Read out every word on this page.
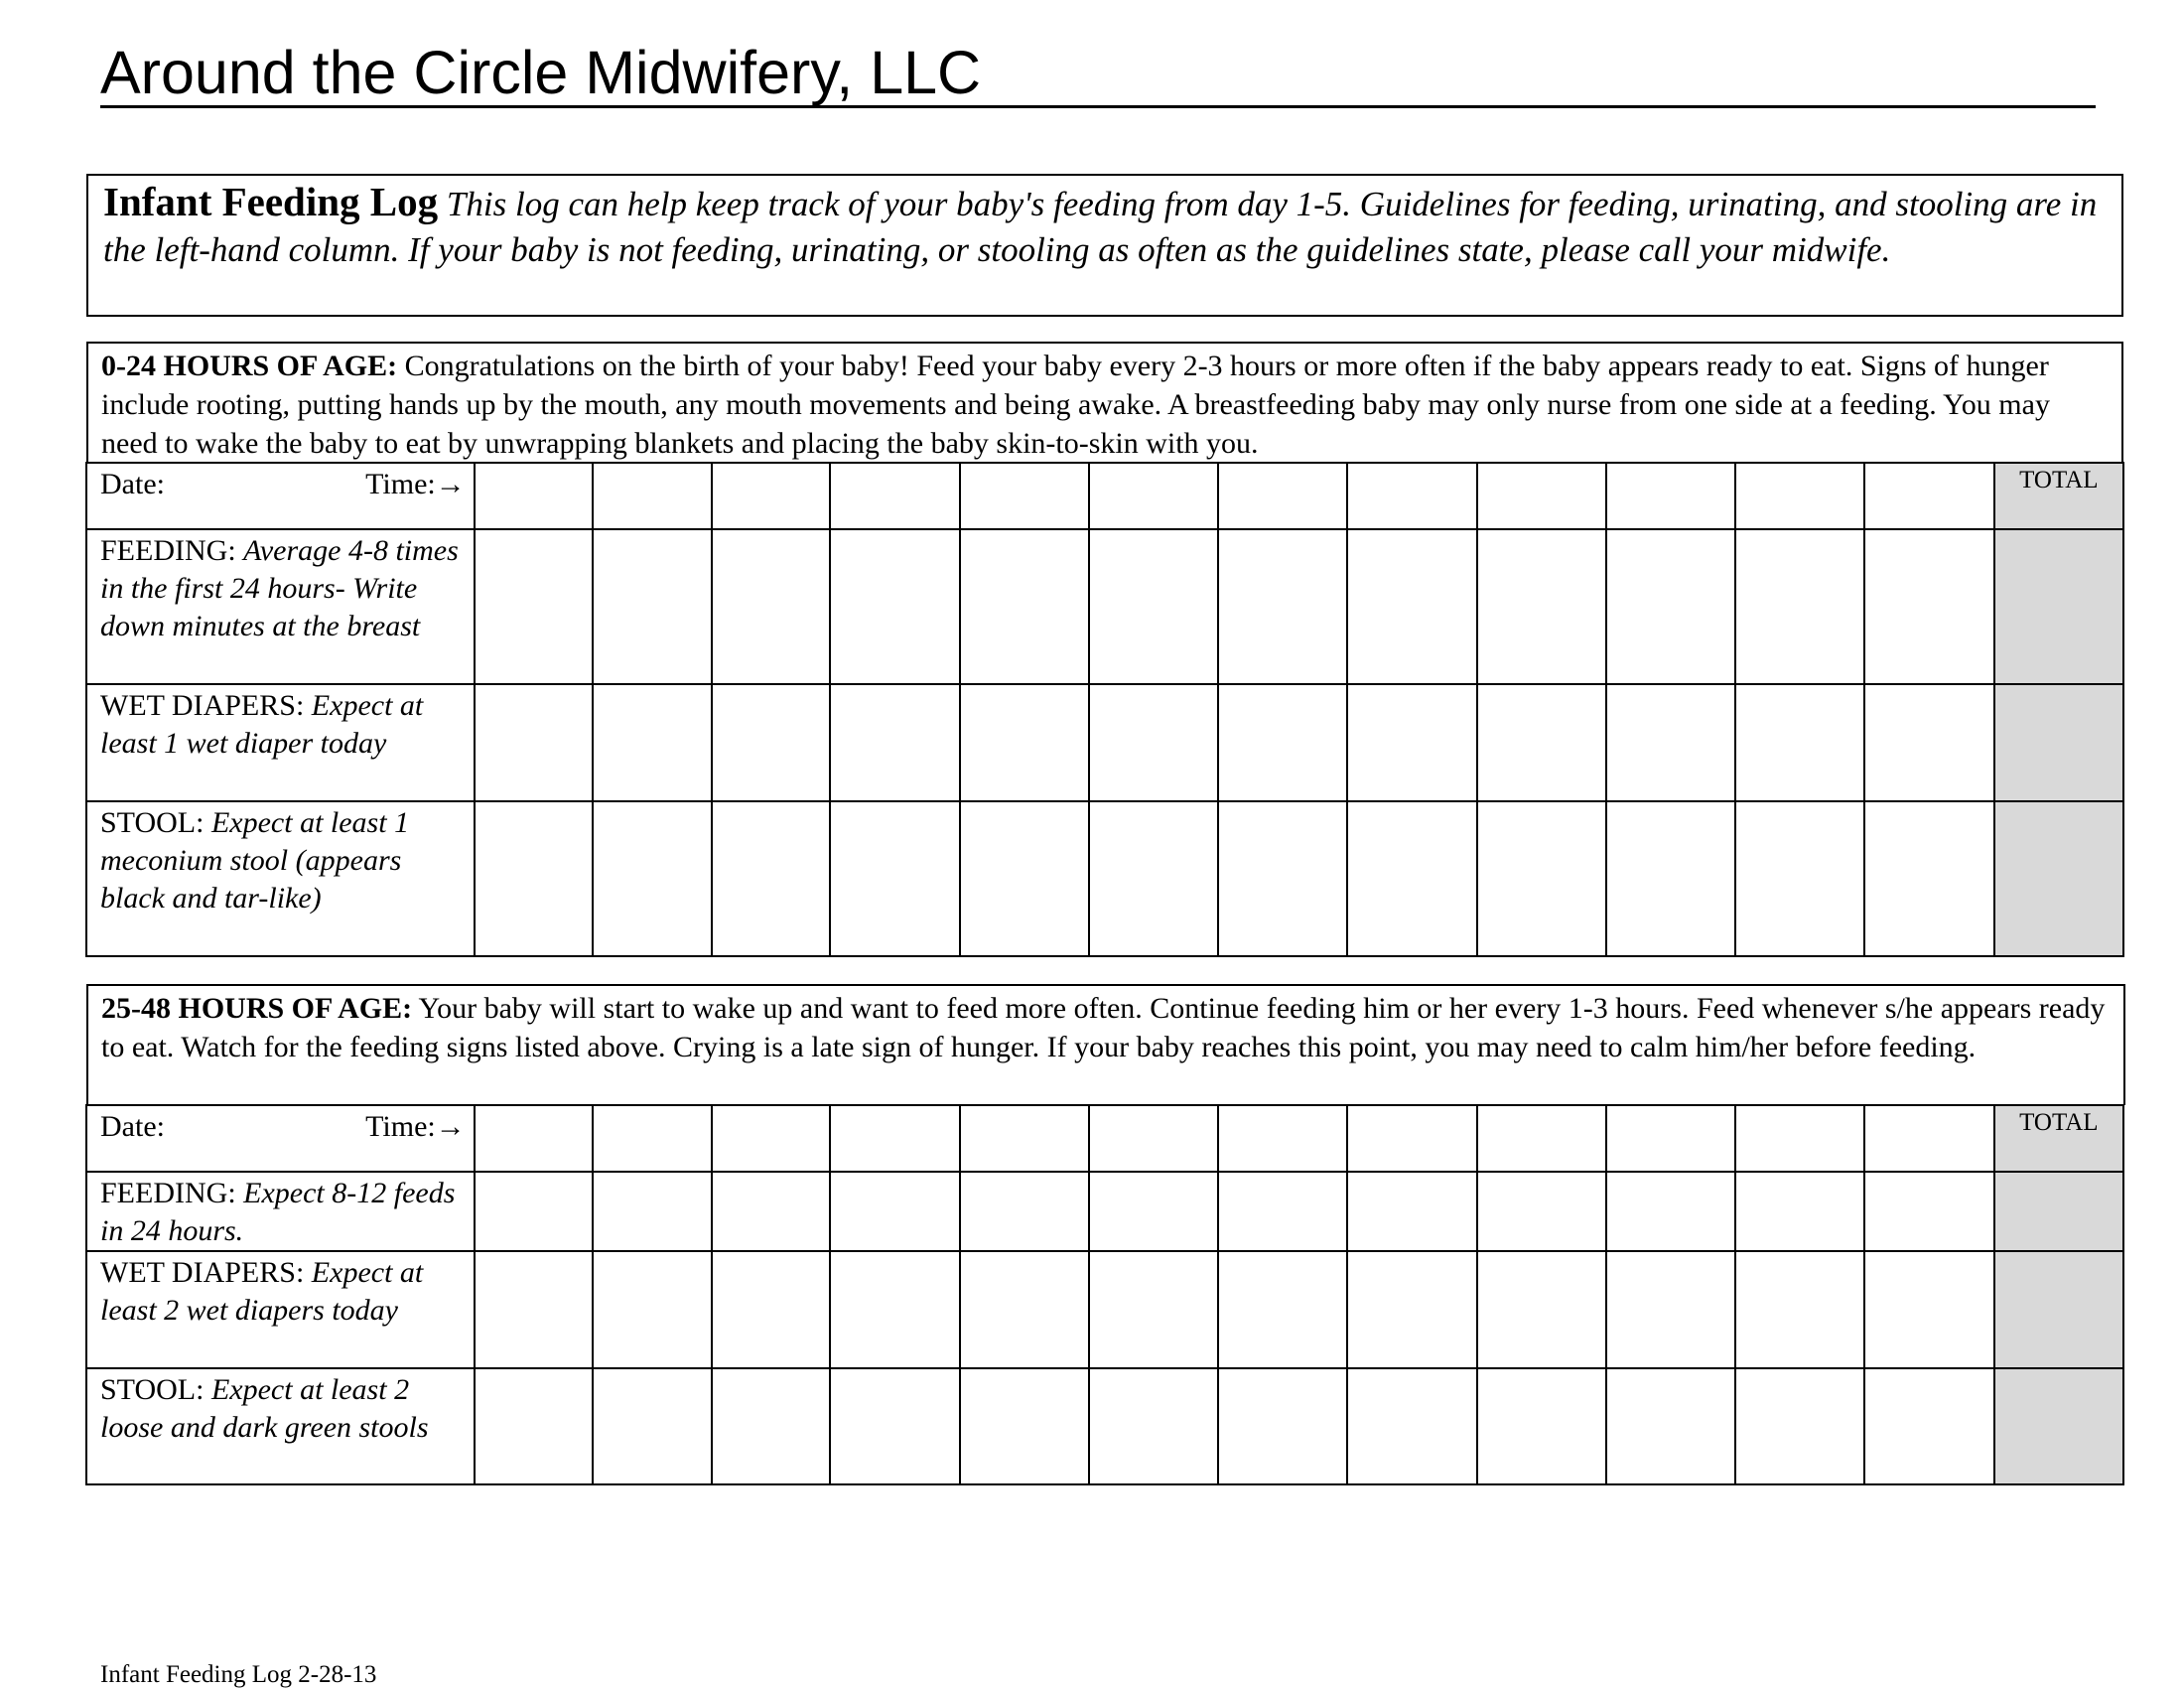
Around the Circle Midwifery, LLC
Infant Feeding Log This log can help keep track of your baby's feeding from day 1-5. Guidelines for feeding, urinating, and stooling are in the left-hand column. If your baby is not feeding, urinating, or stooling as often as the guidelines state, please call your midwife.
0-24 HOURS OF AGE: Congratulations on the birth of your baby! Feed your baby every 2-3 hours or more often if the baby appears ready to eat. Signs of hunger include rooting, putting hands up by the mouth, any mouth movements and being awake. A breastfeeding baby may only nurse from one side at a feeding. You may need to wake the baby to eat by unwrapping blankets and placing the baby skin-to-skin with you.
Date: Time:→													TOTAL
FEEDING: Average 4-8 times in the first 24 hours- Write down minutes at the breast													
WET DIAPERS: Expect at least 1 wet diaper today													
STOOL: Expect at least 1 meconium stool (appears black and tar-like)													
25-48 HOURS OF AGE: Your baby will start to wake up and want to feed more often. Continue feeding him or her every 1-3 hours. Feed whenever s/he appears ready to eat. Watch for the feeding signs listed above. Crying is a late sign of hunger. If your baby reaches this point, you may need to calm him/her before feeding.
Date: Time:→													TOTAL
FEEDING: Expect 8-12 feeds in 24 hours.													
WET DIAPERS: Expect at least 2 wet diapers today													
STOOL: Expect at least 2 loose and dark green stools													
Infant Feeding Log 2-28-13
